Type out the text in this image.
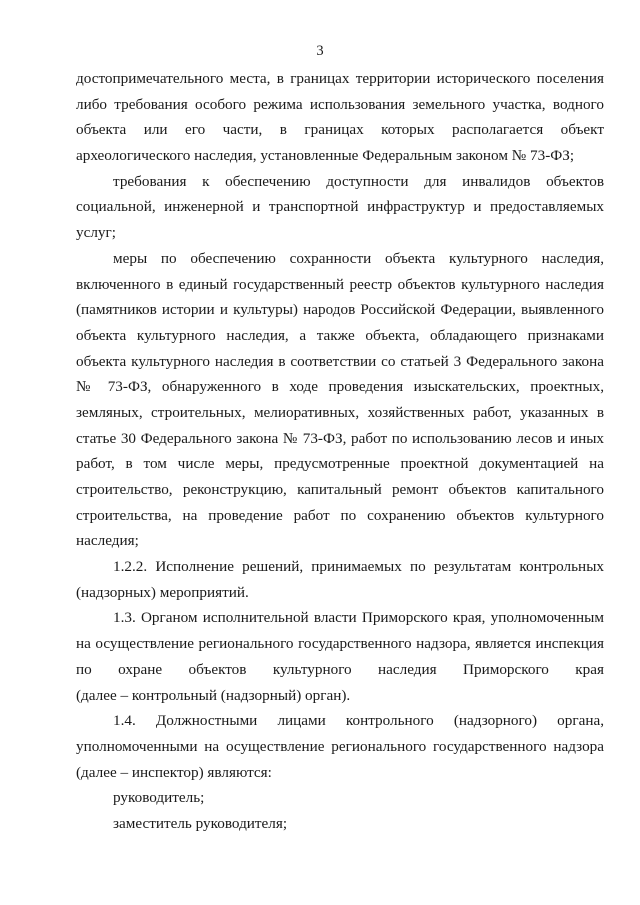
3
достопримечательного места, в границах территории исторического поселения
либо требования особого режима использования земельного участка, водного
объекта или его части, в границах которых располагается объект
археологического наследия, установленные Федеральным законом № 73-ФЗ;
требования к обеспечению доступности для инвалидов объектов
социальной, инженерной и транспортной инфраструктур и предоставляемых
услуг;
меры по обеспечению сохранности объекта культурного наследия,
включенного в единый государственный реестр объектов культурного наследия
(памятников истории и культуры) народов Российской Федерации, выявленного
объекта культурного наследия, а также объекта, обладающего признаками
объекта культурного наследия в соответствии со статьей 3 Федерального закона
№ 73-ФЗ, обнаруженного в ходе проведения изыскательских, проектных,
земляных, строительных, мелиоративных, хозяйственных работ, указанных в
статье 30 Федерального закона № 73-ФЗ, работ по использованию лесов и иных
работ, в том числе меры, предусмотренные проектной документацией на
строительство, реконструкцию, капитальный ремонт объектов капитального
строительства, на проведение работ по сохранению объектов культурного
наследия;
1.2.2. Исполнение решений, принимаемых по результатам контрольных
(надзорных) мероприятий.
1.3. Органом исполнительной власти Приморского края, уполномоченным
на осуществление регионального государственного надзора, является инспекция
по охране объектов культурного наследия Приморского края
(далее – контрольный (надзорный) орган).
1.4. Должностными лицами контрольного (надзорного) органа,
уполномоченными на осуществление регионального государственного надзора
(далее – инспектор) являются:
руководитель;
заместитель руководителя;
